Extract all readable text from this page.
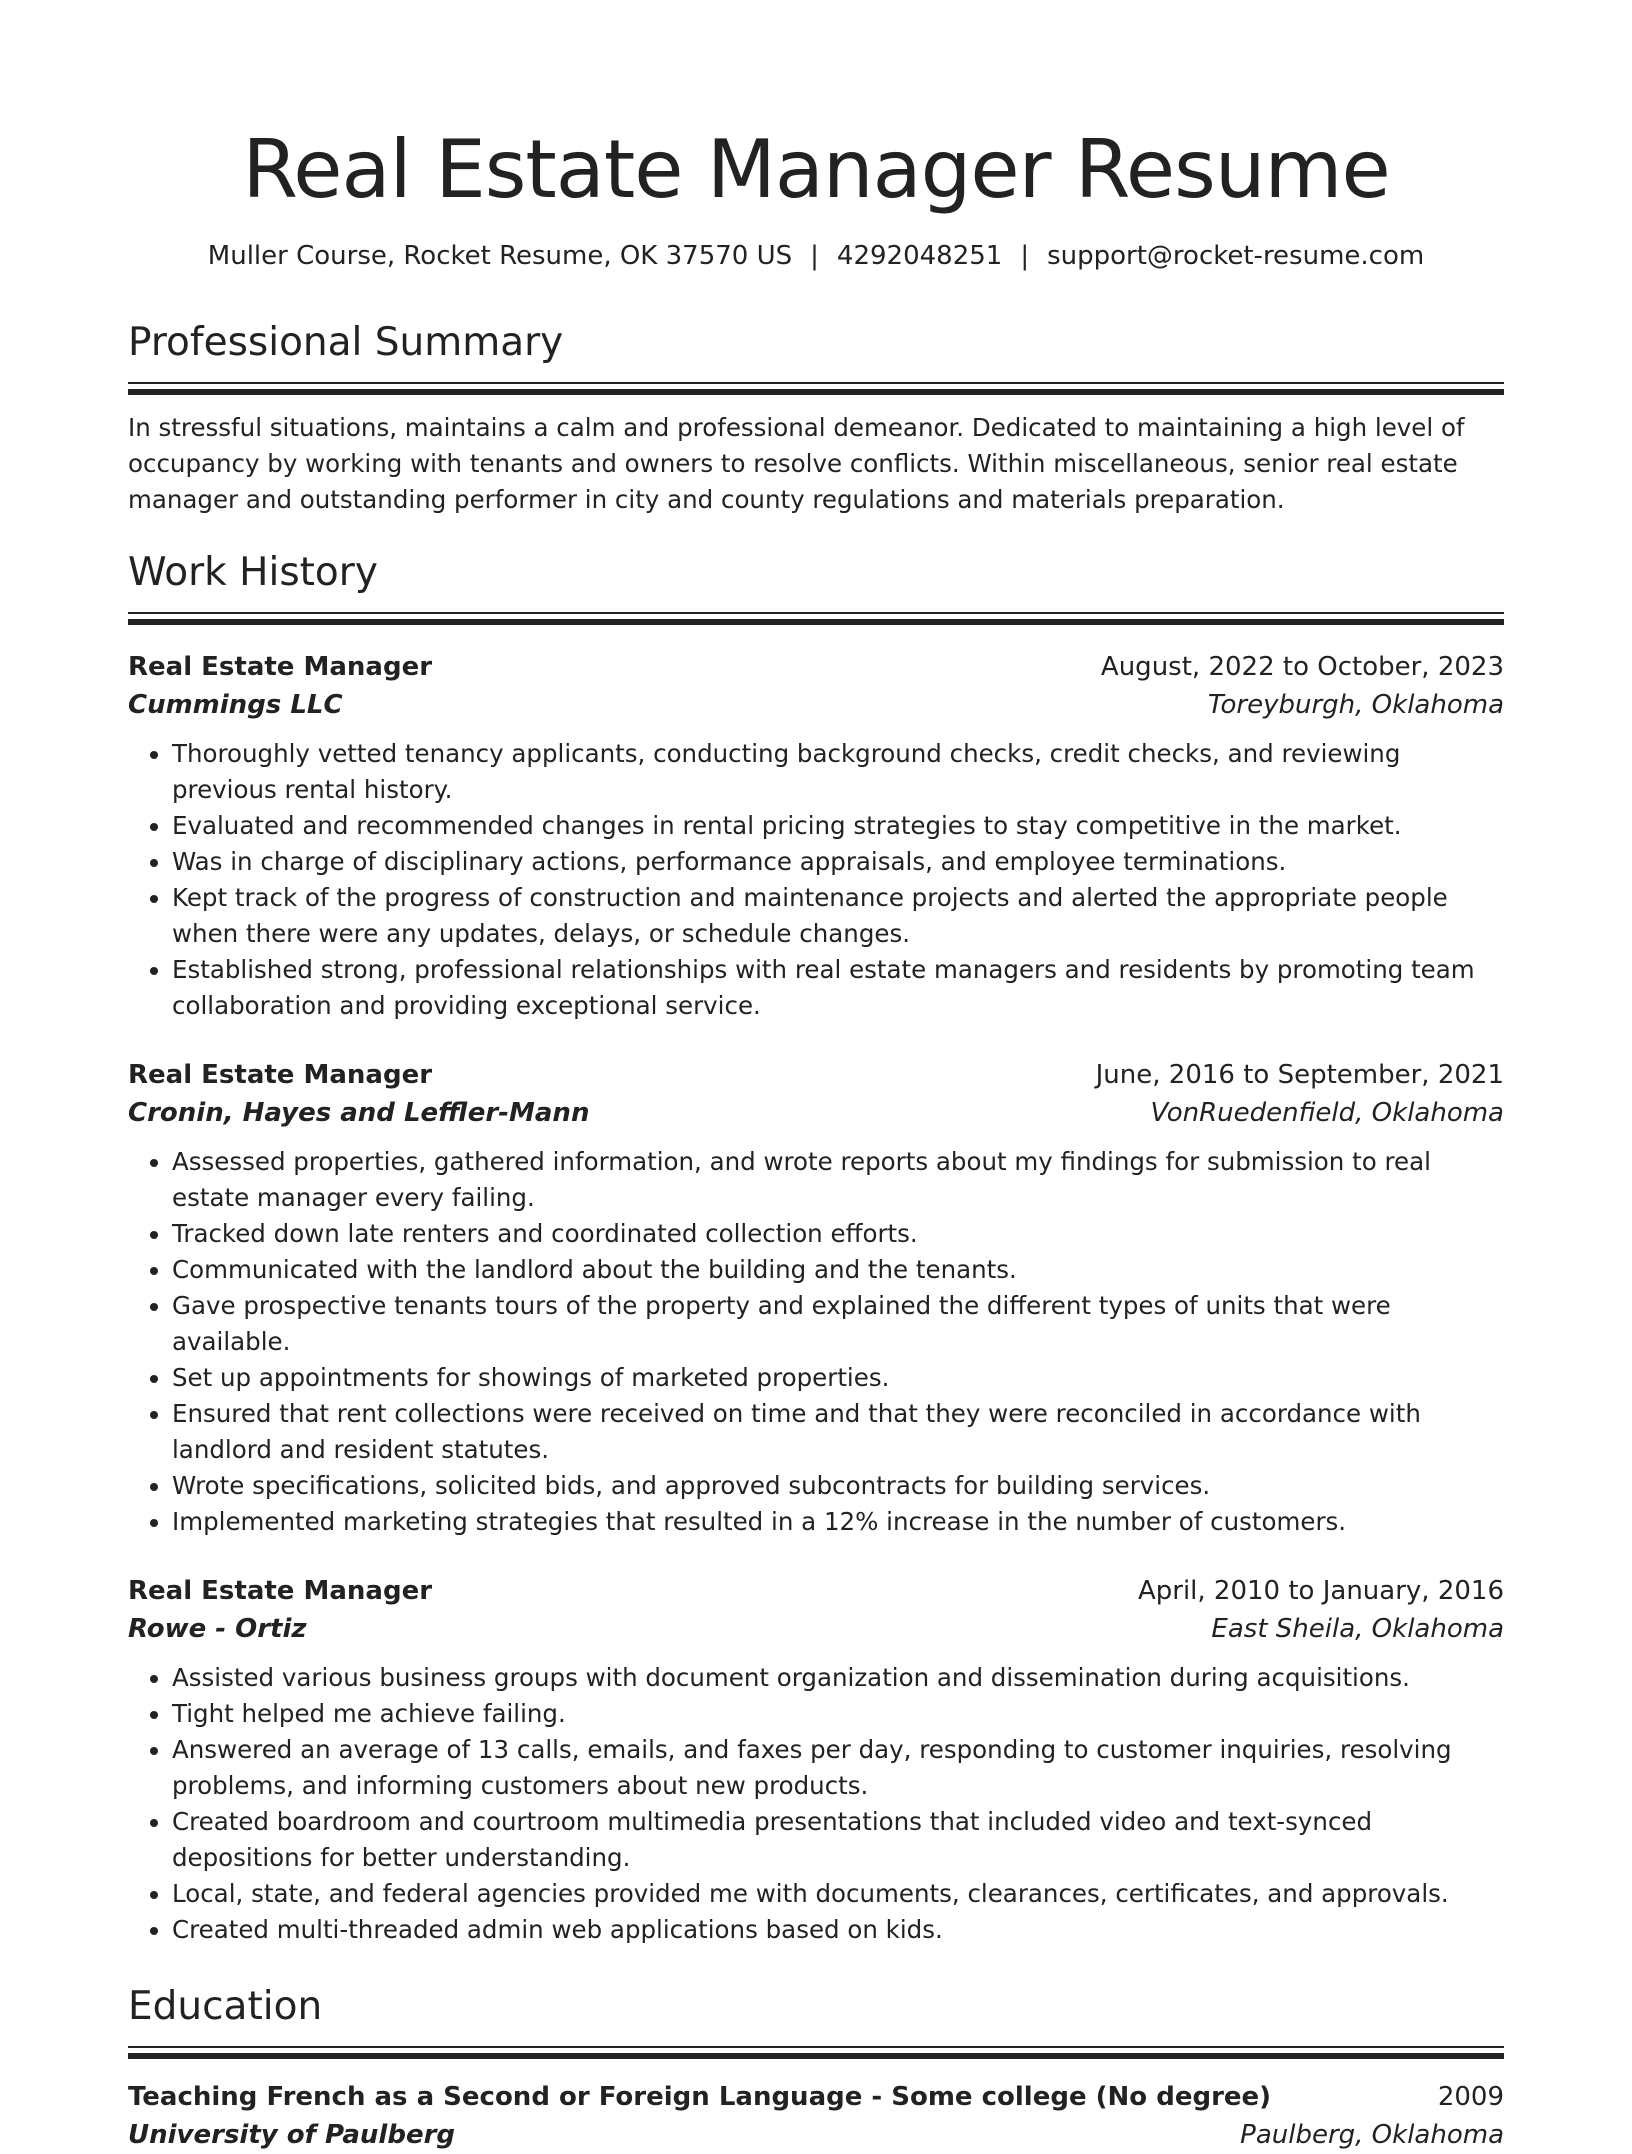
Real Estate Manager Resume
Muller Course, Rocket Resume, OK 37570 US | 4292048251 | support@rocket-resume.com
Professional Summary

In stressful situations, maintains a calm and professional demeanor. Dedicated to maintaining a high level of occupancy by working with tenants and owners to resolve conflicts. Within miscellaneous, senior real estate manager and outstanding performer in city and county regulations and materials preparation.

Work History
Real Estate Manager	August, 2022 to October, 2023
Cummings LLC	Toreyburgh, Oklahoma
• Thoroughly vetted tenancy applicants, conducting background checks, credit checks, and reviewing previous rental history.
• Evaluated and recommended changes in rental pricing strategies to stay competitive in the market.
• Was in charge of disciplinary actions, performance appraisals, and employee terminations.
• Kept track of the progress of construction and maintenance projects and alerted the appropriate people when there were any updates, delays, or schedule changes.
• Established strong, professional relationships with real estate managers and residents by promoting team collaboration and providing exceptional service.
Real Estate Manager	June, 2016 to September, 2021
Cronin, Hayes and Leffler-Mann	VonRuedenfield, Oklahoma
• Assessed properties, gathered information, and wrote reports about my findings for submission to real estate manager every failing.
• Tracked down late renters and coordinated collection efforts.
• Communicated with the landlord about the building and the tenants.
• Gave prospective tenants tours of the property and explained the different types of units that were available.
• Set up appointments for showings of marketed properties.
• Ensured that rent collections were received on time and that they were reconciled in accordance with landlord and resident statutes.
• Wrote specifications, solicited bids, and approved subcontracts for building services.
• Implemented marketing strategies that resulted in a 12% increase in the number of customers.
Real Estate Manager	April, 2010 to January, 2016
Rowe - Ortiz	East Sheila, Oklahoma
• Assisted various business groups with document organization and dissemination during acquisitions.
• Tight helped me achieve failing.
• Answered an average of 13 calls, emails, and faxes per day, responding to customer inquiries, resolving problems, and informing customers about new products.
• Created boardroom and courtroom multimedia presentations that included video and text-synced depositions for better understanding.
• Local, state, and federal agencies provided me with documents, clearances, certificates, and approvals.
• Created multi-threaded admin web applications based on kids.
Education
Teaching French as a Second or Foreign Language - Some college (No degree)	2009
University of Paulberg	Paulberg, Oklahoma
